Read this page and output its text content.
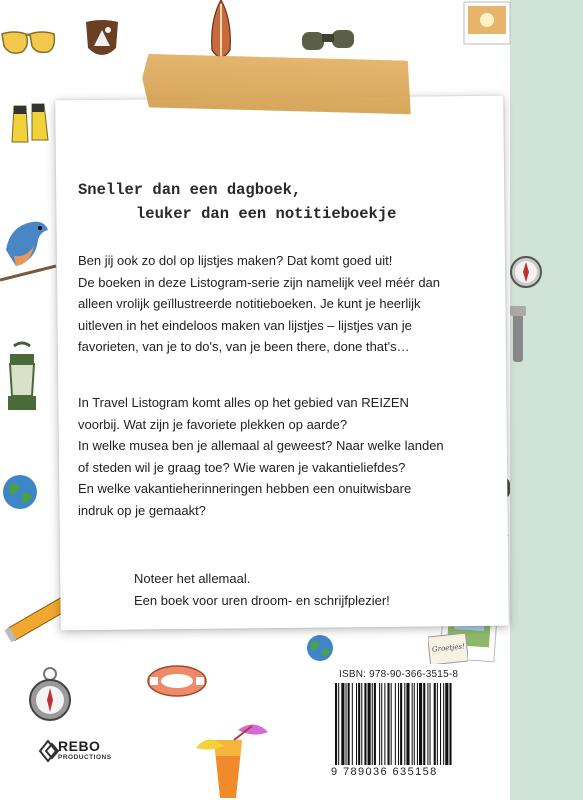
Groetjes!
Sneller dan een dagboek,
leuker dan een notitieboekje
Ben jij ook zo dol op lijstjes maken? Dat komt goed uit!
De boeken in deze Listogram-serie zijn namelijk veel méér dan
alleen vrolijk geïllustreerde notitieboeken. Je kunt je heerlijk
uitleven in het eindeloos maken van lijstjes – lijstjes van je
favorieten, van je to do's, van je been there, done that's…
In Travel Listogram komt alles op het gebied van REIZEN
voorbij. Wat zijn je favoriete plekken op aarde?
In welke musea ben je allemaal al geweest? Naar welke landen
of steden wil je graag toe? Wie waren je vakantieliefdes?
En welke vakantieherinneringen hebben een onuitwisbare
indruk op je gemaakt?
Noteer het allemaal.
Een boek voor uren droom- en schrijfplezier!
REBO
PRODUCTIONS
ISBN: 978-90-366-3515-8
9 789036 635158
